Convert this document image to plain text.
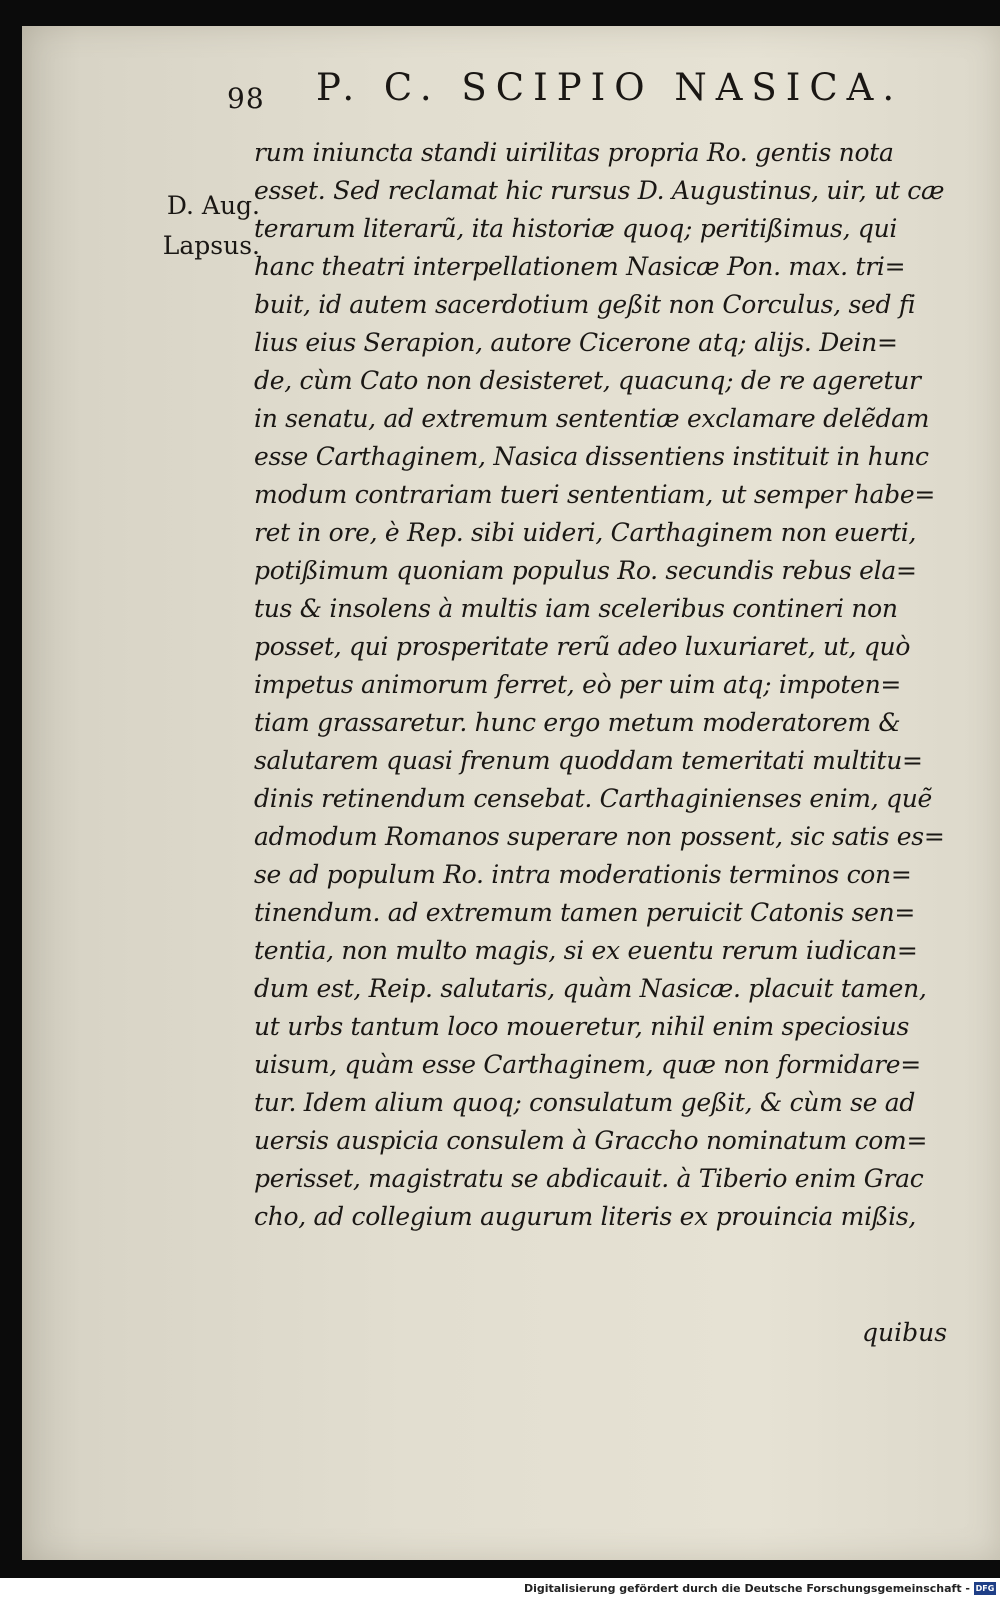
98 P. C. SCIPIO NASICA.
D. Aug.
Lapsus.
rum iniuncta standi uirilitas propria Ro. gentis nota
esset. Sed reclamat hic rursus D. Augustinus, uir, ut cæ
terarum literarũ, ita historiæ quoq; peritißimus, qui
hanc theatri interpellationem Nasicæ Pon. max. tri=
buit, id autem sacerdotium geßit non Corculus, sed fi
lius eius Serapion, autore Cicerone atq; alijs. Dein=
de, cùm Cato non desisteret, quacunq; de re ageretur
in senatu, ad extremum sententiæ exclamare delẽdam
esse Carthaginem, Nasica dissentiens instituit in hunc
modum contrariam tueri sententiam, ut semper habe=
ret in ore, è Rep. sibi uideri, Carthaginem non euerti,
potißimum quoniam populus Ro. secundis rebus ela=
tus & insolens à multis iam sceleribus contineri non
posset, qui prosperitate rerũ adeo luxuriaret, ut, quò
impetus animorum ferret, eò per uim atq; impoten=
tiam grassaretur. hunc ergo metum moderatorem &
salutarem quasi frenum quoddam temeritati multitu=
dinis retinendum censebat. Carthaginienses enim, quẽ
admodum Romanos superare non possent, sic satis es=
se ad populum Ro. intra moderationis terminos con=
tinendum. ad extremum tamen peruicit Catonis sen=
tentia, non multo magis, si ex euentu rerum iudican=
dum est, Reip. salutaris, quàm Nasicæ. placuit tamen,
ut urbs tantum loco moueretur, nihil enim speciosius
uisum, quàm esse Carthaginem, quæ non formidare=
tur. Idem alium quoq; consulatum geßit, & cùm se ad
uersis auspicia consulem à Graccho nominatum com=
perisset, magistratu se abdicauit. à Tiberio enim Grac
cho, ad collegium augurum literis ex prouincia mißis,
quibus
Digitalisierung gefördert durch die Deutsche Forschungsgemeinschaft - DFG
